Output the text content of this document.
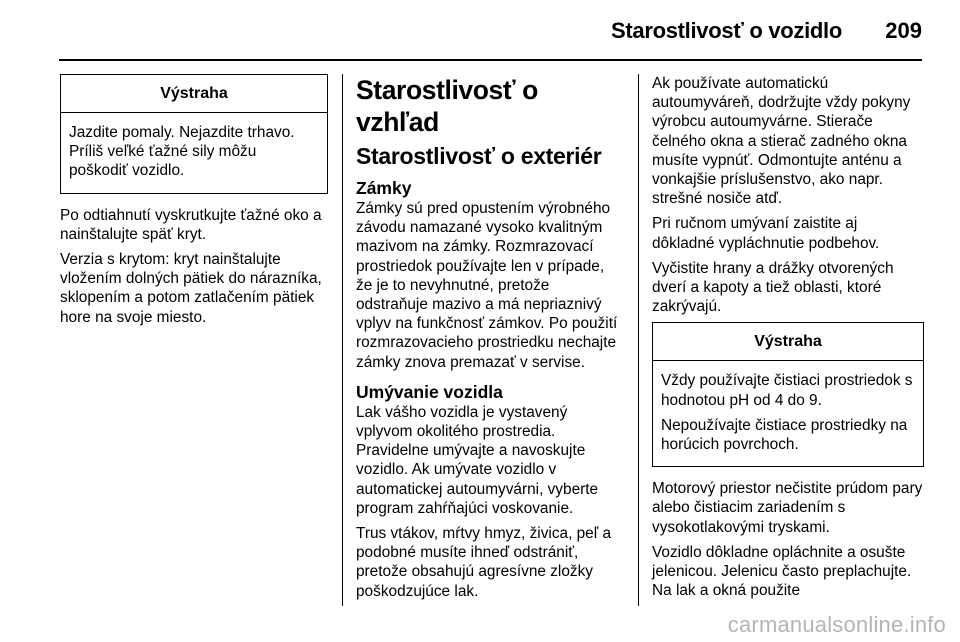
Starostlivosť o vozidlo 209
Výstraha

Jazdite pomaly. Nejazdite trhavo. Príliš veľké ťažné sily môžu poškodiť vozidlo.

Po odtiahnutí vyskrutkujte ťažné oko a nainštalujte späť kryt.

Verzia s krytom: kryt nainštalujte vložením dolných pätiek do nárazníka, sklopením a potom zatlačením pätiek hore na svoje miesto.

Starostlivosť o vzhľad
Starostlivosť o exteriér
Zámky

Zámky sú pred opustením výrobného závodu namazané vysoko kvalitným mazivom na zámky. Rozmrazovací prostriedok používajte len v prípade, že je to nevyhnutné, pretože odstraňuje mazivo a má nepriaznivý vplyv na funkčnosť zámkov. Po použití rozmrazovacieho prostriedku nechajte zámky znova premazať v servise.

Umývanie vozidla

Lak vášho vozidla je vystavený vplyvom okolitého prostredia. Pravidelne umývajte a navoskujte vozidlo. Ak umývate vozidlo v automatickej autoumyvárni, vyberte program zahŕňajúci voskovanie.

Trus vtákov, mŕtvy hmyz, živica, peľ a podobné musíte ihneď odstrániť, pretože obsahujú agresívne zložky poškodzujúce lak.

Ak používate automatickú autoumyváreň, dodržujte vždy pokyny výrobcu autoumyvárne. Stierače čelného okna a stierač zadného okna musíte vypnúť. Odmontujte anténu a vonkajšie príslušenstvo, ako napr. strešné nosiče atď.

Pri ručnom umývaní zaistite aj dôkladné vypláchnutie podbehov.

Vyčistite hrany a drážky otvorených dverí a kapoty a tiež oblasti, ktoré zakrývajú.

Výstraha

Vždy používajte čistiaci prostriedok s hodnotou pH od 4 do 9.

Nepoužívajte čistiace prostriedky na horúcich povrchoch.

Motorový priestor nečistite prúdom pary alebo čistiacim zariadením s vysokotlakovými tryskami.

Vozidlo dôkladne opláchnite a osušte jelenicou. Jelenicu často preplachujte. Na lak a okná použite

carmanualsonline.info
